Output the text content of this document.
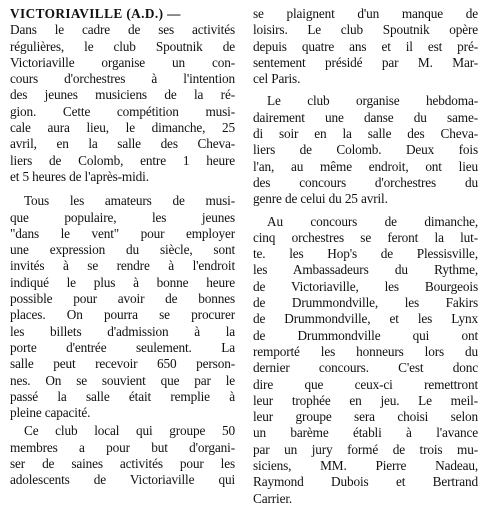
VICTORIAVILLE (A.D.) —
Dans le cadre de ses activités
régulières, le club Spoutnik de
Victoriaville organise un con-
cours d'orchestres à l'intention
des jeunes musiciens de la ré-
gion. Cette compétition musi-
cale aura lieu, le dimanche, 25
avril, en la salle des Cheva-
liers de Colomb, entre 1 heure
et 5 heures de l'après-midi.
Tous les amateurs de musi-
que populaire, les jeunes
"dans le vent" pour employer
une expression du siècle, sont
invités à se rendre à l'endroit
indiqué le plus à bonne heure
possible pour avoir de bonnes
places. On pourra se procurer
les billets d'admission à la
porte d'entrée seulement. La
salle peut recevoir 650 person-
nes. On se souvient que par le
passé la salle était remplie à
pleine capacité.
Ce club local qui groupe 50
membres a pour but d'organi-
ser de saines activités pour les
adolescents de Victoriaville qui
se plaignent d'un manque de
loisirs. Le club Spoutnik opère
depuis quatre ans et il est pré-
sentement présidé par M. Mar-
cel Paris.
Le club organise hebdoma-
dairement une danse du same-
di soir en la salle des Cheva-
liers de Colomb. Deux fois
l'an, au même endroit, ont lieu
des concours d'orchestres du
genre de celui du 25 avril.
Au concours de dimanche,
cinq orchestres se feront la lut-
te. les Hop's de Plessisville,
les Ambassadeurs du Rythme,
de Victoriaville, les Bourgeois
de Drummondville, les Fakirs
de Drummondville, et les Lynx
de Drummondville qui ont
remporté les honneurs lors du
dernier concours. C'est donc
dire que ceux-ci remettront
leur trophée en jeu. Le meil-
leur groupe sera choisi selon
un barème établi à l'avance
par un jury formé de trois mu-
siciens, MM. Pierre Nadeau,
Raymond Dubois et Bertrand
Carrier.
